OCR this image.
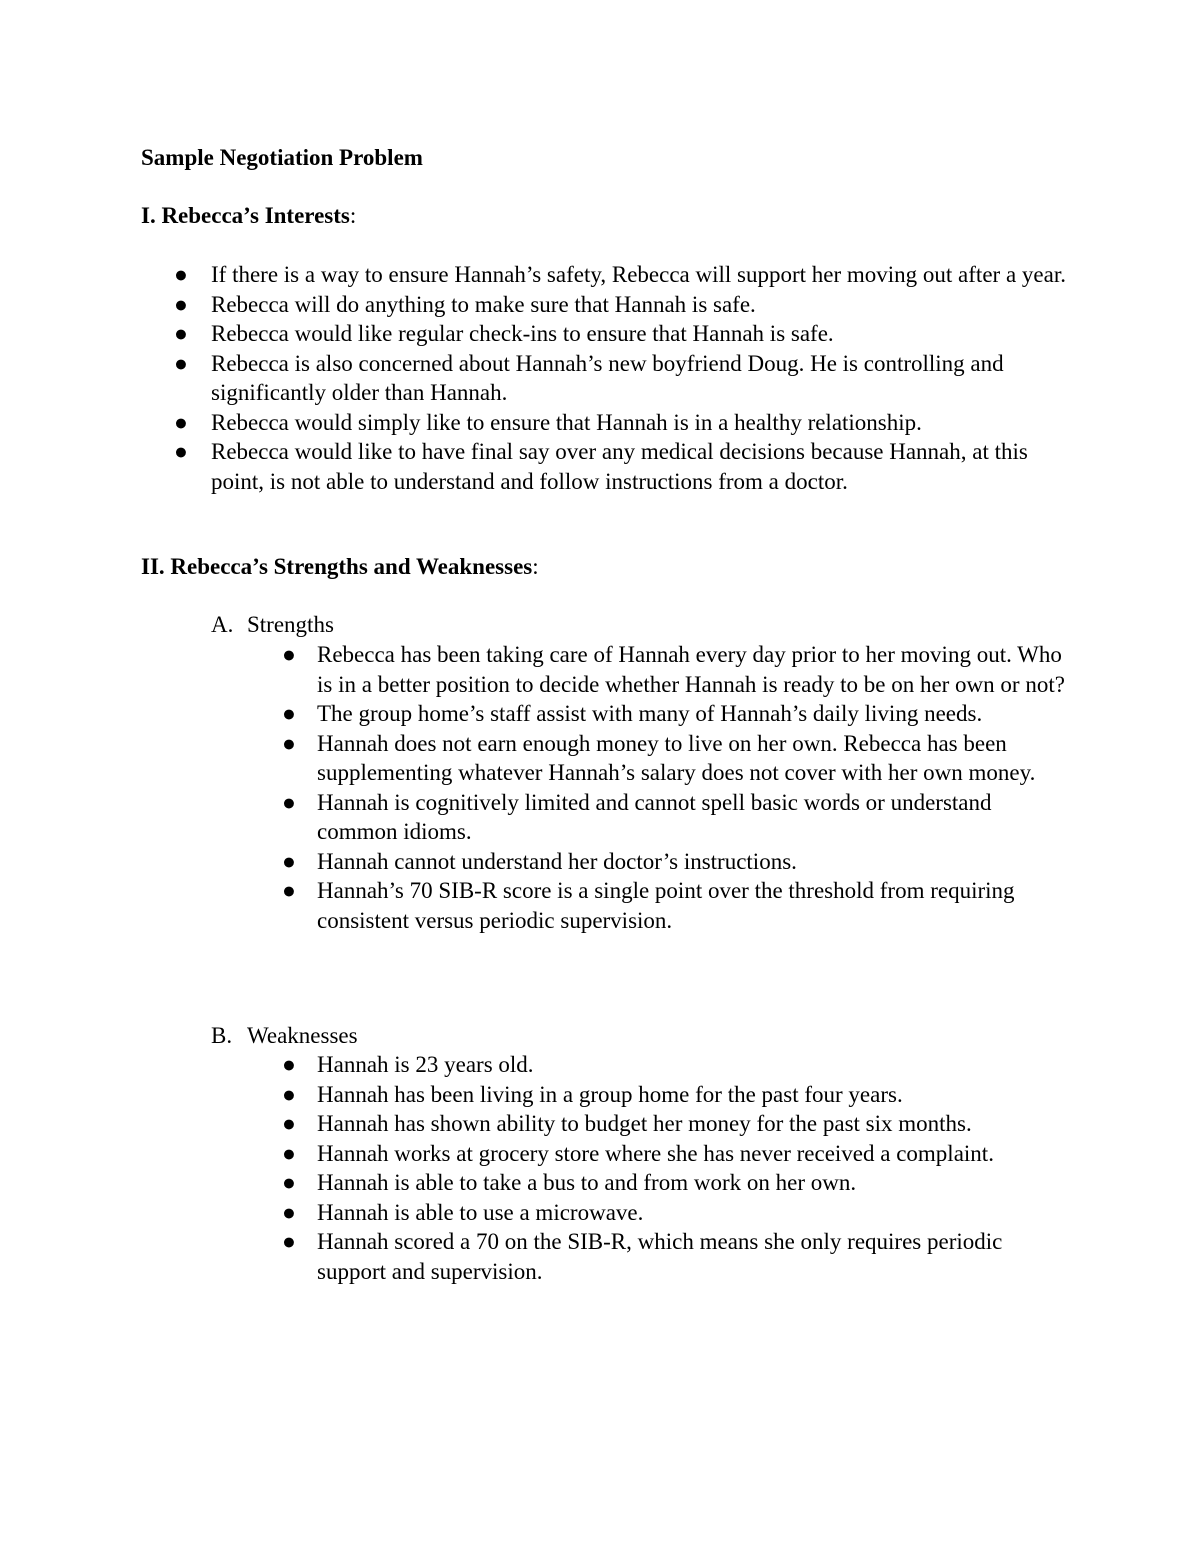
Sample Negotiation Problem

I. Rebecca’s Interests:

● If there is a way to ensure Hannah’s safety, Rebecca will support her moving out after a year.
● Rebecca will do anything to make sure that Hannah is safe.
● Rebecca would like regular check-ins to ensure that Hannah is safe.
● Rebecca is also concerned about Hannah’s new boyfriend Doug. He is controlling and significantly older than Hannah.
● Rebecca would simply like to ensure that Hannah is in a healthy relationship.
● Rebecca would like to have final say over any medical decisions because Hannah, at this point, is not able to understand and follow instructions from a doctor.

II. Rebecca’s Strengths and Weaknesses:

A. Strengths

● Rebecca has been taking care of Hannah every day prior to her moving out. Who is in a better position to decide whether Hannah is ready to be on her own or not?
● The group home’s staff assist with many of Hannah’s daily living needs.
● Hannah does not earn enough money to live on her own. Rebecca has been supplementing whatever Hannah’s salary does not cover with her own money.
● Hannah is cognitively limited and cannot spell basic words or understand common idioms.
● Hannah cannot understand her doctor’s instructions.
● Hannah’s 70 SIB-R score is a single point over the threshold from requiring consistent versus periodic supervision.

B. Weaknesses

● Hannah is 23 years old.
● Hannah has been living in a group home for the past four years.
● Hannah has shown ability to budget her money for the past six months.
● Hannah works at grocery store where she has never received a complaint.
● Hannah is able to take a bus to and from work on her own.
● Hannah is able to use a microwave.
● Hannah scored a 70 on the SIB-R, which means she only requires periodic support and supervision.
